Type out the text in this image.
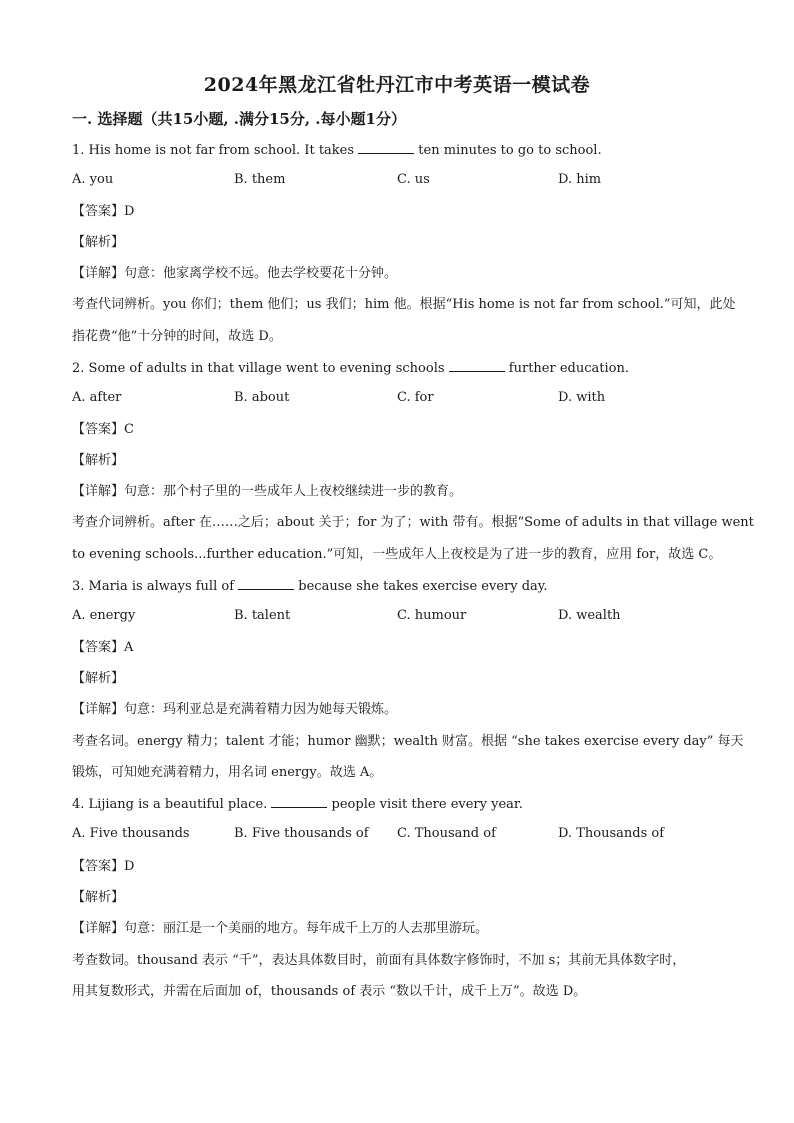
2024年黑龙江省牡丹江市中考英语一模试卷
一. 选择题（共15小题, .满分15分, .每小题1分）
1. His home is not far from school. It takes	ten minutes to go to school.
A. you	B. them	C. us	D. him
【答案】D
【解析】
【详解】句意：他家离学校不远。他去学校要花十分钟。
考查代词辨析。you 你们；them 他们；us 我们；him 他。根据“His home is not far from school.”可知，此处
指花费“他”十分钟的时间，故选 D。
2. Some of adults in that village went to evening schools	further education.
A. after	B. about	C. for	D. with
【答案】C
【解析】
【详解】句意：那个村子里的一些成年人上夜校继续进一步的教育。
考查介词辨析。after 在……之后；about 关于；for 为了；with 带有。根据“Some of adults in that village went
to evening schools...further education.”可知，一些成年人上夜校是为了进一步的教育，应用 for，故选 C。
3. Maria is always full of	because she takes exercise every day.
A. energy	B. talent	C. humour	D. wealth
【答案】A
【解析】
【详解】句意：玛利亚总是充满着精力因为她每天锻炼。
考查名词。energy 精力；talent 才能；humor 幽默；wealth 财富。根据 “she takes exercise every day” 每天
锻炼，可知她充满着精力，用名词 energy。故选 A。
4. Lijiang is a beautiful place.	people visit there every year.
A. Five thousands	B. Five thousands of C. Thousand of	D. Thousands of
【答案】D
【解析】
【详解】句意：丽江是一个美丽的地方。每年成千上万的人去那里游玩。
考查数词。thousand 表示 “千”，表达具体数目时，前面有具体数字修饰时，不加 s；其前无具体数字时，
用其复数形式，并需在后面加 of，thousands of 表示 “数以千计，成千上万”。故选 D。
